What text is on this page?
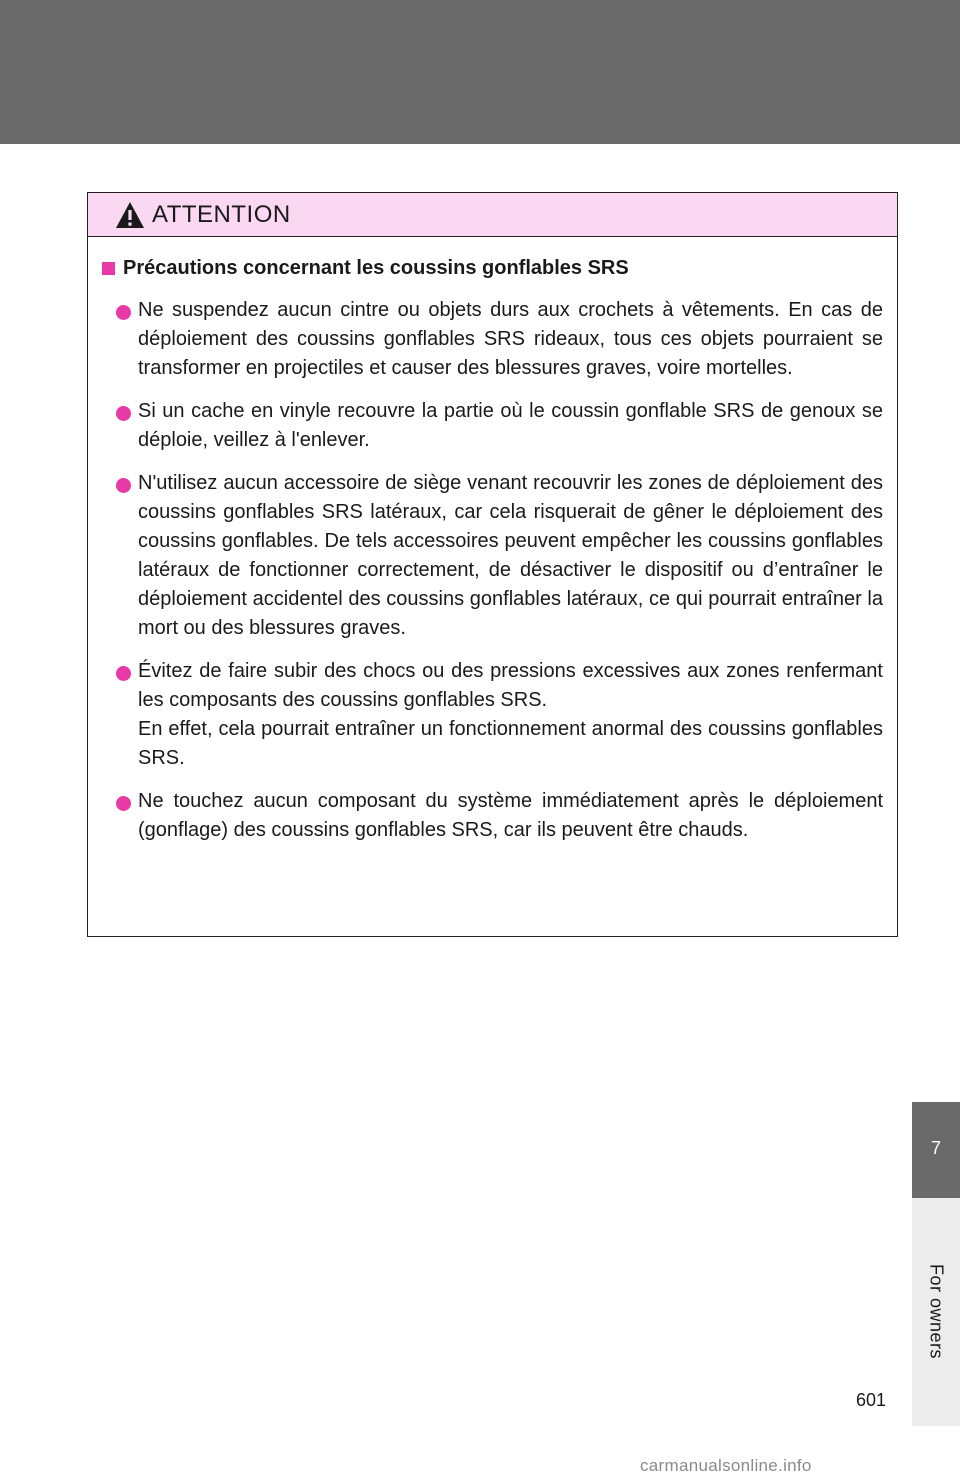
ATTENTION
Précautions concernant les coussins gonflables SRS

Ne suspendez aucun cintre ou objets durs aux crochets à vêtements. En cas de déploiement des coussins gonflables SRS rideaux, tous ces objets pourraient se transformer en projectiles et causer des blessures graves, voire mortelles.

Si un cache en vinyle recouvre la partie où le coussin gonflable SRS de genoux se déploie, veillez à l'enlever.

N'utilisez aucun accessoire de siège venant recouvrir les zones de déploiement des coussins gonflables SRS latéraux, car cela risquerait de gêner le déploiement des coussins gonflables. De tels accessoires peuvent empêcher les coussins gonflables latéraux de fonctionner correctement, de désactiver le dispositif ou d’entraîner le déploiement accidentel des coussins gonflables latéraux, ce qui pourrait entraîner la mort ou des blessures graves.

Évitez de faire subir des chocs ou des pressions excessives aux zones renfermant les composants des coussins gonflables SRS.

En effet, cela pourrait entraîner un fonctionnement anormal des coussins gonflables SRS.

Ne touchez aucun composant du système immédiatement après le déploiement (gonflage) des coussins gonflables SRS, car ils peuvent être chauds.

7
For owners
601
carmanualsonline.info
